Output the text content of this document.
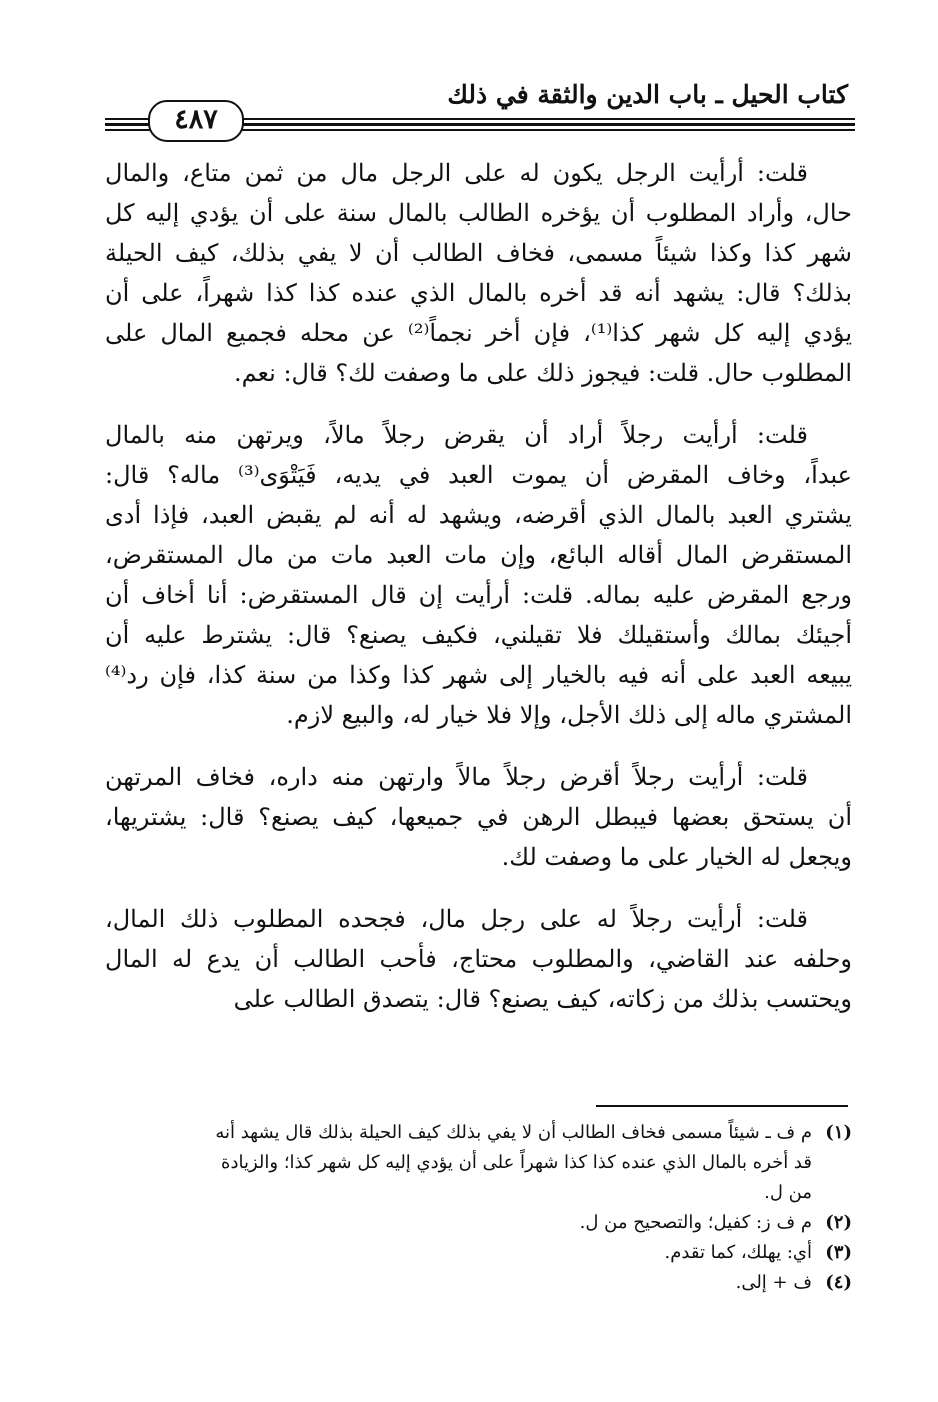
كتاب الحيل ـ باب الدين والثقة في ذلك
٤٨٧
قلت: أرأيت الرجل يكون له على الرجل مال من ثمن متاع، والمال
حال، وأراد المطلوب أن يؤخره الطالب بالمال سنة على أن يؤدي إليه كل
شهر كذا وكذا شيئاً مسمى، فخاف الطالب أن لا يفي بذلك، كيف الحيلة
بذلك؟ قال: يشهد أنه قد أخره بالمال الذي عنده كذا كذا شهراً، على أن
يؤدي إليه كل شهر كذا⁽¹⁾، فإن أخر نجماً⁽²⁾ عن محله فجميع المال على
المطلوب حال. قلت: فيجوز ذلك على ما وصفت لك؟ قال: نعم.
قلت: أرأيت رجلاً أراد أن يقرض رجلاً مالاً، ويرتهن منه بالمال
عبداً، وخاف المقرض أن يموت العبد في يديه، فَيَتْوَى⁽³⁾ ماله؟ قال:
يشتري العبد بالمال الذي أقرضه، ويشهد له أنه لم يقبض العبد، فإذا أدى
المستقرض المال أقاله البائع، وإن مات العبد مات من مال المستقرض،
ورجع المقرض عليه بماله. قلت: أرأيت إن قال المستقرض: أنا أخاف أن
أجيئك بمالك وأستقيلك فلا تقيلني، فكيف يصنع؟ قال: يشترط عليه أن
يبيعه العبد على أنه فيه بالخيار إلى شهر كذا وكذا من سنة كذا، فإن رد⁽⁴⁾
المشتري ماله إلى ذلك الأجل، وإلا فلا خيار له، والبيع لازم.
قلت: أرأيت رجلاً أقرض رجلاً مالاً وارتهن منه داره، فخاف المرتهن
أن يستحق بعضها فيبطل الرهن في جميعها، كيف يصنع؟ قال: يشتريها،
ويجعل له الخيار على ما وصفت لك.
قلت: أرأيت رجلاً له على رجل مال، فجحده المطلوب ذلك المال،
وحلفه عند القاضي، والمطلوب محتاج، فأحب الطالب أن يدع له المال
ويحتسب بذلك من زكاته، كيف يصنع؟ قال: يتصدق الطالب على
(١)
م ف ـ شيئاً مسمى فخاف الطالب أن لا يفي بذلك كيف الحيلة بذلك قال يشهد أنه
قد أخره بالمال الذي عنده كذا كذا شهراً على أن يؤدي إليه كل شهر كذا؛ والزيادة
من ل.
(٢)
م ف ز: كفيل؛ والتصحيح من ل.
(٣)
أي: يهلك، كما تقدم.
(٤)
ف + إلى.
